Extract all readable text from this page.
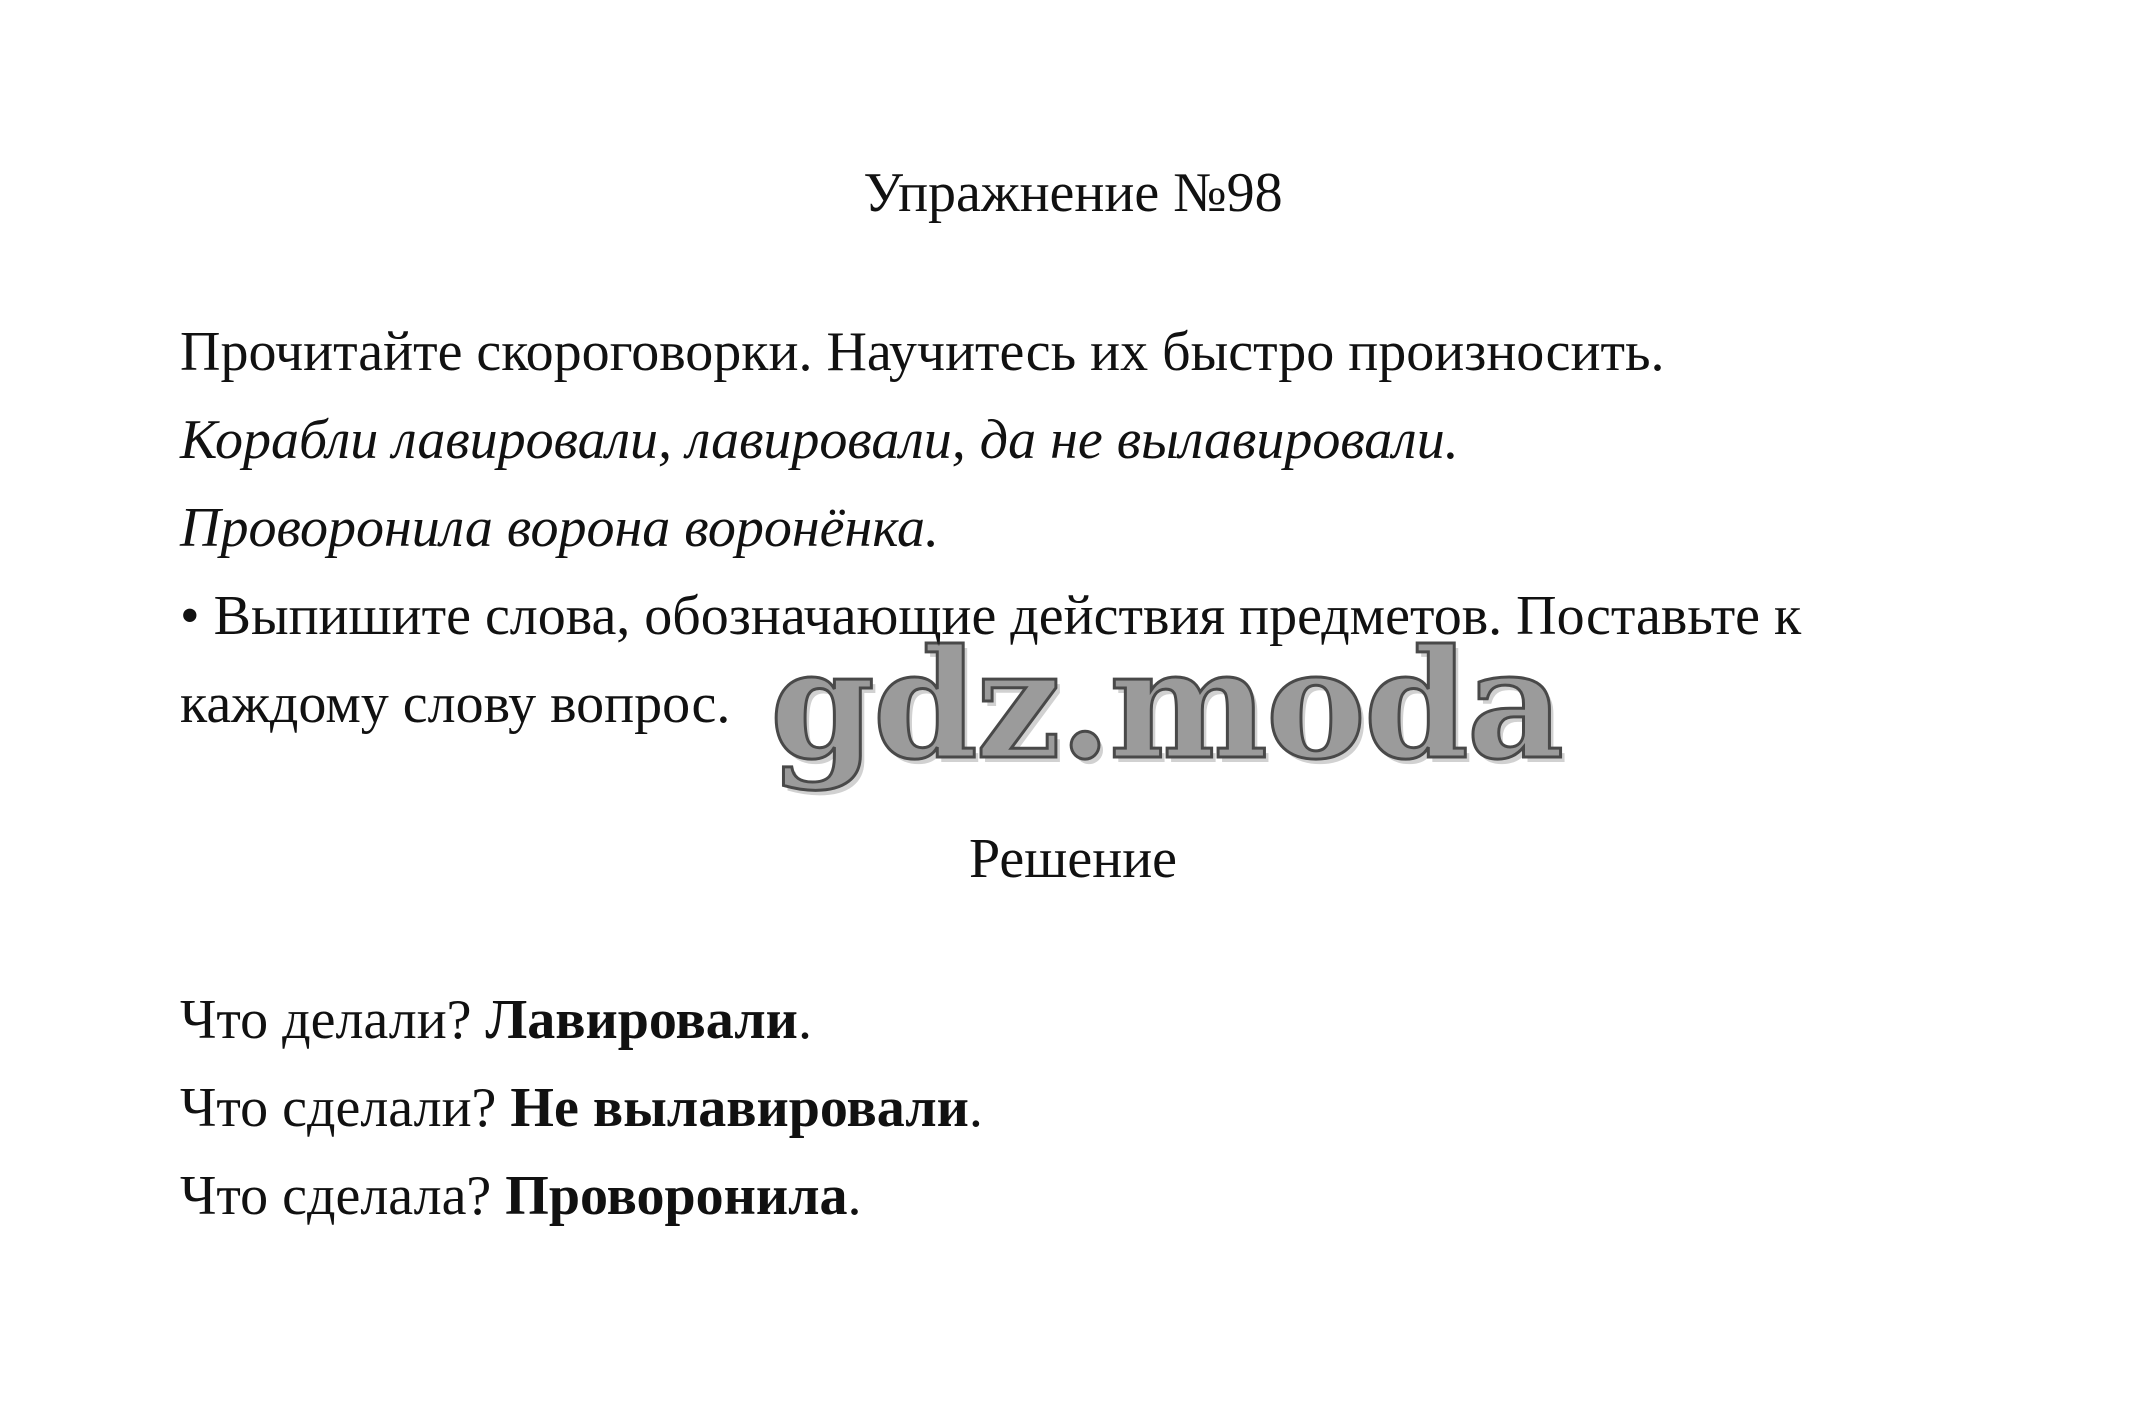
Упражнение №98

Прочитайте скороговорки. Научитесь их быстро произносить.

Корабли лавировали, лавировали, да не вылавировали.

Проворонила ворона воронёнка.

• Выпишите слова, обозначающие действия предметов. Поставьте к

каждому слову вопрос. gdz.moda
Решение

Что делали? Лавировали.

Что сделали? Не вылавировали.

Что сделала? Проворонила.
